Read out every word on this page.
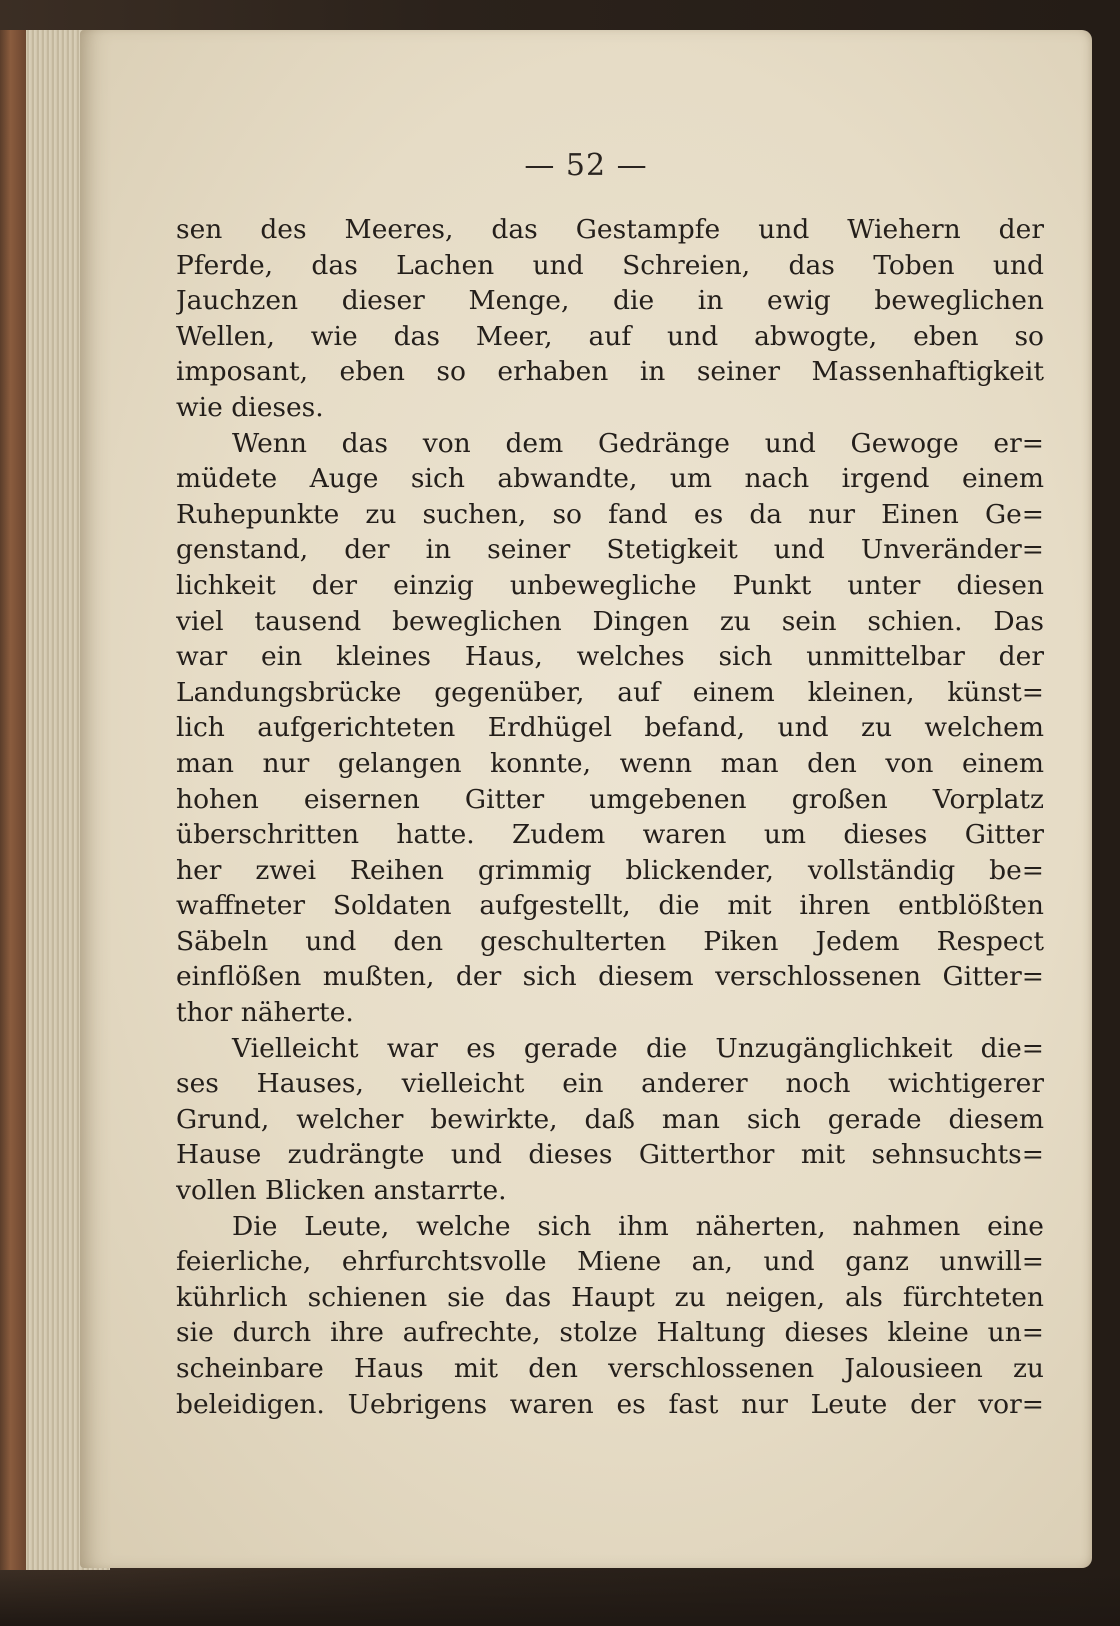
— 52 —
sen des Meeres, das Gestampfe und Wiehern der
Pferde, das Lachen und Schreien, das Toben und
Jauchzen dieser Menge, die in ewig beweglichen
Wellen, wie das Meer, auf und abwogte, eben so
imposant, eben so erhaben in seiner Massenhaftigkeit
wie dieses.
Wenn das von dem Gedränge und Gewoge er=
müdete Auge sich abwandte, um nach irgend einem
Ruhepunkte zu suchen, so fand es da nur Einen Ge=
genstand, der in seiner Stetigkeit und Unveränder=
lichkeit der einzig unbewegliche Punkt unter diesen
viel tausend beweglichen Dingen zu sein schien. Das
war ein kleines Haus, welches sich unmittelbar der
Landungsbrücke gegenüber, auf einem kleinen, künst=
lich aufgerichteten Erdhügel befand, und zu welchem
man nur gelangen konnte, wenn man den von einem
hohen eisernen Gitter umgebenen großen Vorplatz
überschritten hatte. Zudem waren um dieses Gitter
her zwei Reihen grimmig blickender, vollständig be=
waffneter Soldaten aufgestellt, die mit ihren entblößten
Säbeln und den geschulterten Piken Jedem Respect
einflößen mußten, der sich diesem verschlossenen Gitter=
thor näherte.
Vielleicht war es gerade die Unzugänglichkeit die=
ses Hauses, vielleicht ein anderer noch wichtigerer
Grund, welcher bewirkte, daß man sich gerade diesem
Hause zudrängte und dieses Gitterthor mit sehnsuchts=
vollen Blicken anstarrte.
Die Leute, welche sich ihm näherten, nahmen eine
feierliche, ehrfurchtsvolle Miene an, und ganz unwill=
kührlich schienen sie das Haupt zu neigen, als fürchteten
sie durch ihre aufrechte, stolze Haltung dieses kleine un=
scheinbare Haus mit den verschlossenen Jalousieen zu
beleidigen. Uebrigens waren es fast nur Leute der vor=
